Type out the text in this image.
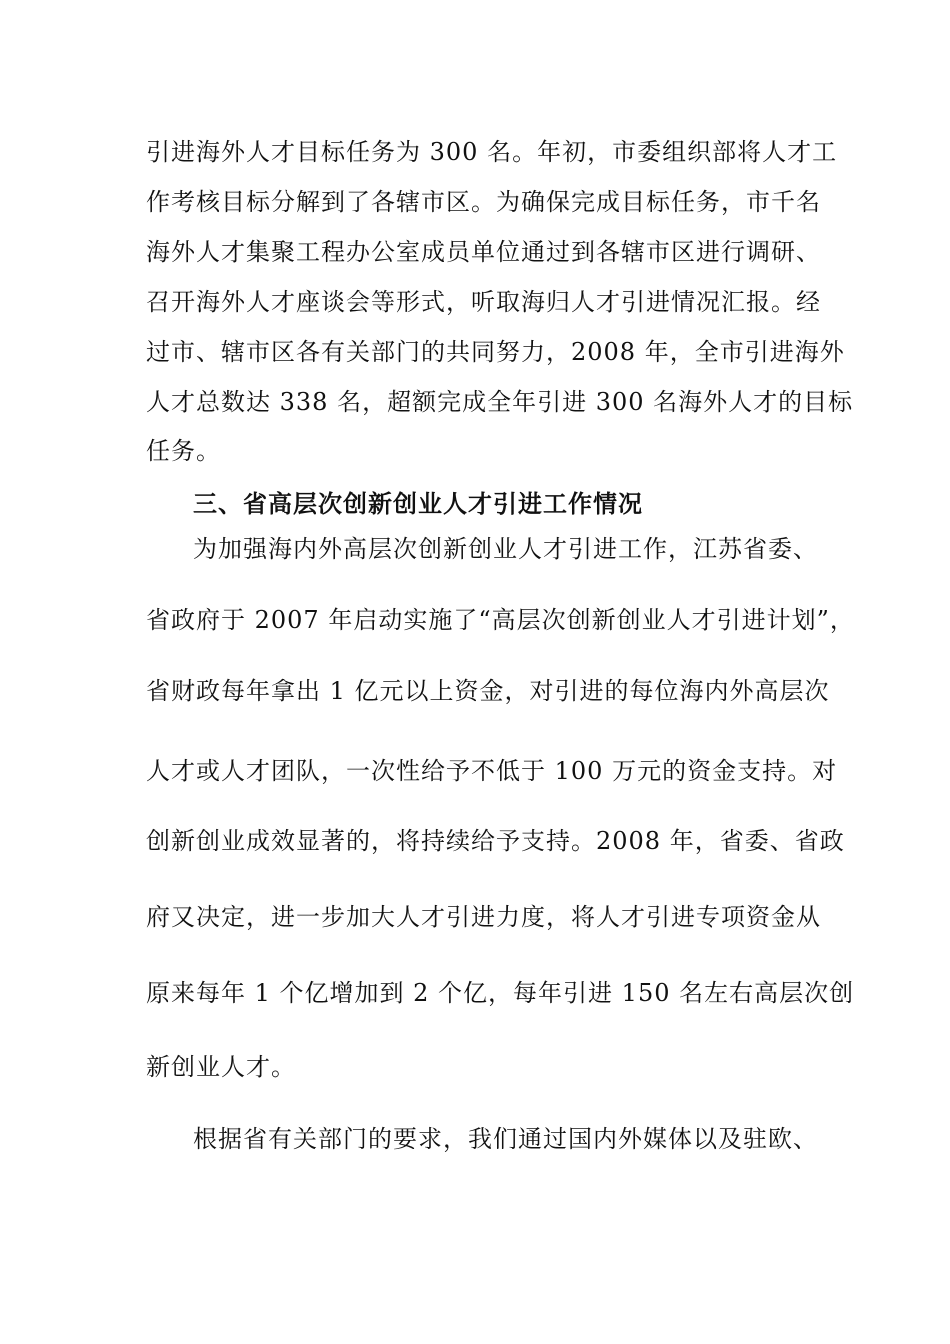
引进海外人才目标任务为 300 名。年初，市委组织部将人才工
作考核目标分解到了各辖市区。为确保完成目标任务，市千名
海外人才集聚工程办公室成员单位通过到各辖市区进行调研、
召开海外人才座谈会等形式，听取海归人才引进情况汇报。经
过市、辖市区各有关部门的共同努力，2008 年，全市引进海外
人才总数达 338 名，超额完成全年引进 300 名海外人才的目标
任务。
三、省高层次创新创业人才引进工作情况
为加强海内外高层次创新创业人才引进工作，江苏省委、
省政府于 2007 年启动实施了“高层次创新创业人才引进计划”，
省财政每年拿出 1 亿元以上资金，对引进的每位海内外高层次
人才或人才团队，一次性给予不低于 100 万元的资金支持。对
创新创业成效显著的，将持续给予支持。2008 年，省委、省政
府又决定，进一步加大人才引进力度，将人才引进专项资金从
原来每年 1 个亿增加到 2 个亿，每年引进 150 名左右高层次创
新创业人才。
根据省有关部门的要求，我们通过国内外媒体以及驻欧、
